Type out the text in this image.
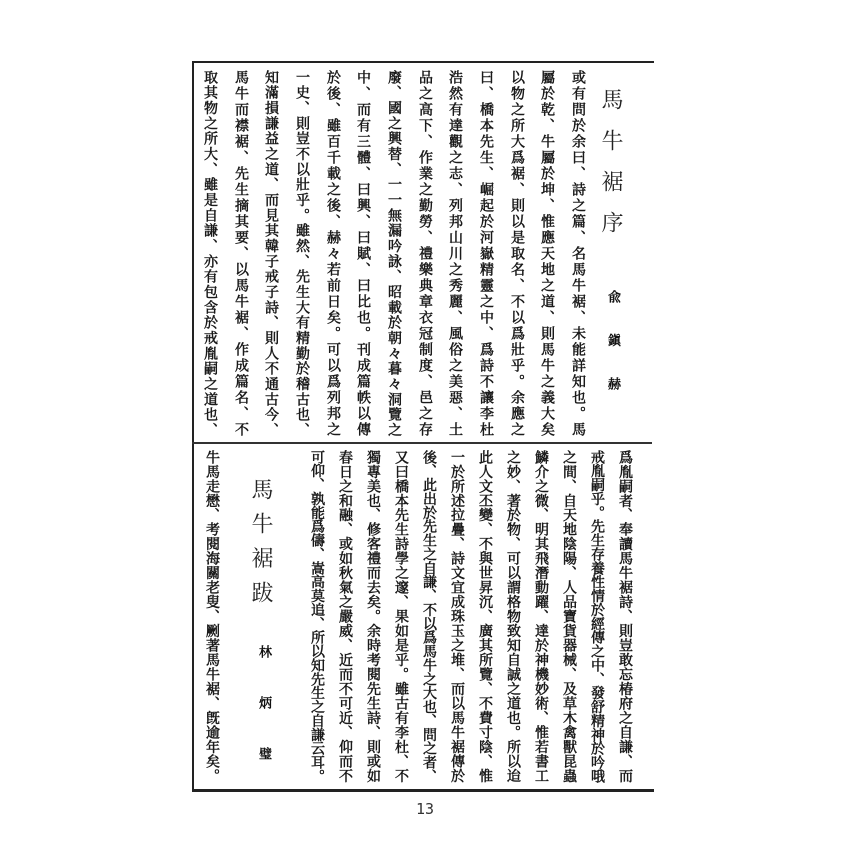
馬牛裾序
兪鎭赫
或有問於余曰、詩之篇、名馬牛裾、未能詳知也。馬
屬於乾、牛屬於坤、惟應天地之道、則馬牛之義大矣
以物之所大爲裾、則以是取名、不以爲壯乎。余應之
曰、橋本先生、崛起於河嶽精靈之中、爲詩不讓李杜
浩然有達觀之志、列邦山川之秀麗、風俗之美惡、土
品之高下、作業之勤勞、禮樂典章衣冠制度、邑之存
廢、國之興替、一一無漏吟詠、昭載於朝々暮々洞覽之
中、而有三體、曰興、曰賦、曰比也。刊成篇帙以傳
於後、雖百千載之後、赫々若前日矣。可以爲列邦之
一史、則豈不以壯乎。雖然、先生大有精勤於稽古也、
知滿損謙益之道、而見其韓子戒子詩、則人不通古今、
馬牛而襟裾、先生摘其要、以馬牛裾、作成篇名、不
取其物之所大、雖是自謙、亦有包含於戒胤嗣之道也、
爲胤嗣者、奉讀馬牛裾詩、則豈敢忘椿府之自謙、而
戒胤嗣乎。先生存養性情於經傳之中、發舒精神於吟哦
之間、自天地陰陽、人品寶貨器械、及草木禽獸昆蟲
鱗介之微、明其飛潛動躍、達於神機妙術、惟若書工
之妙、著於物、可以謂格物致知自誠之道也。所以迨
此人文丕變、不與世昇沉、廣其所覽、不費寸陰、惟
一於所述拉疊、詩文宜成珠玉之堆、而以馬牛裾傳於
後、此出於先生之自謙、不以爲馬牛之大也、問之者、
又曰橋本先生詩學之邃、果如是乎。雖古有李杜、不
獨專美也、修客禮而去矣。余時考閱先生詩、則或如
春日之和融、或如秋氣之嚴威、近而不可近、仰而不
可仰、孰能爲儔、嵩高莫追、所以知先生之自謙云耳。
馬牛裾跋
林炳璧
牛馬走懋、考閱海關老叟、劂著馬牛裾、旣逾年矣。
13
